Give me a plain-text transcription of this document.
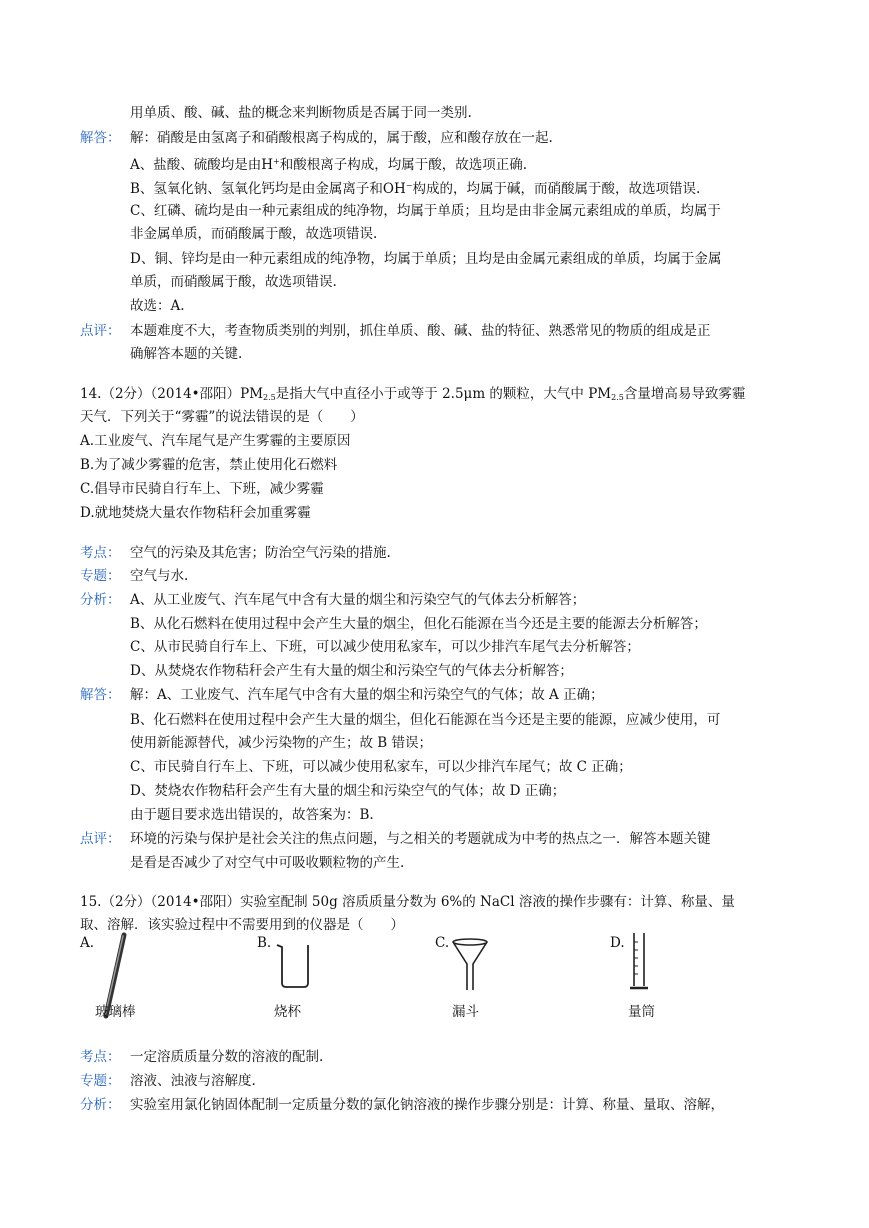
用单质、酸、碱、盐的概念来判断物质是否属于同一类别.
解答： 解：硝酸是由氢离子和硝酸根离子构成的，属于酸，应和酸存放在一起.
A、盐酸、硫酸均是由H+和酸根离子构成，均属于酸，故选项正确.
B、氢氧化钠、氢氧化钙均是由金属离子和OH−构成的，均属于碱，而硝酸属于酸，故选项错误.
C、红磷、硫均是由一种元素组成的纯净物，均属于单质；且均是由非金属元素组成的单质，均属于
非金属单质，而硝酸属于酸，故选项错误.
D、铜、锌均是由一种元素组成的纯净物，均属于单质；且均是由金属元素组成的单质，均属于金属
单质，而硝酸属于酸，故选项错误.
故选：A.
点评： 本题难度不大，考查物质类别的判别，抓住单质、酸、碱、盐的特征、熟悉常见的物质的组成是正
确解答本题的关键.
14.（2分）（2014•邵阳）$PM_{2.5}$是指大气中直径小于或等于 2.5μm 的颗粒，大气中 $PM_{2.5}$含量增高易导致雾霾
天气．下列关于“雾霾”的说法错误的是（　　）
A.工业废气、汽车尾气是产生雾霾的主要原因
B.为了减少雾霾的危害，禁止使用化石燃料
C.倡导市民骑自行车上、下班，减少雾霾
D.就地焚烧大量农作物秸秆会加重雾霾
考点： 空气的污染及其危害；防治空气污染的措施.
专题： 空气与水.
分析： A、从工业废气、汽车尾气中含有大量的烟尘和污染空气的气体去分析解答；
B、从化石燃料在使用过程中会产生大量的烟尘，但化石能源在当今还是主要的能源去分析解答；
C、从市民骑自行车上、下班，可以减少使用私家车，可以少排汽车尾气去分析解答；
D、从焚烧农作物秸秆会产生有大量的烟尘和污染空气的气体去分析解答；
解答： 解：A、工业废气、汽车尾气中含有大量的烟尘和污染空气的气体；故 A 正确；
B、化石燃料在使用过程中会产生大量的烟尘，但化石能源在当今还是主要的能源，应减少使用，可
使用新能源替代，减少污染物的产生；故 B 错误；
C、市民骑自行车上、下班，可以减少使用私家车，可以少排汽车尾气；故 C 正确；
D、焚烧农作物秸秆会产生有大量的烟尘和污染空气的气体；故 D 正确；
由于题目要求选出错误的，故答案为：B.
点评： 环境的污染与保护是社会关注的焦点问题，与之相关的考题就成为中考的热点之一．解答本题关键
是看是否减少了对空气中可吸收颗粒物的产生.
15.（2分）（2014•邵阳）实验室配制 50g 溶质质量分数为 6%的 NaCl 溶液的操作步骤有：计算、称量、量
取、溶解．该实验过程中不需要用到的仪器是（　　）
A.
玻璃棒
B.
烧杯
C.
漏斗
D.
量筒
考点： 一定溶质质量分数的溶液的配制.
专题： 溶液、浊液与溶解度.
分析： 实验室用氯化钠固体配制一定质量分数的氯化钠溶液的操作步骤分别是：计算、称量、量取、溶解，
